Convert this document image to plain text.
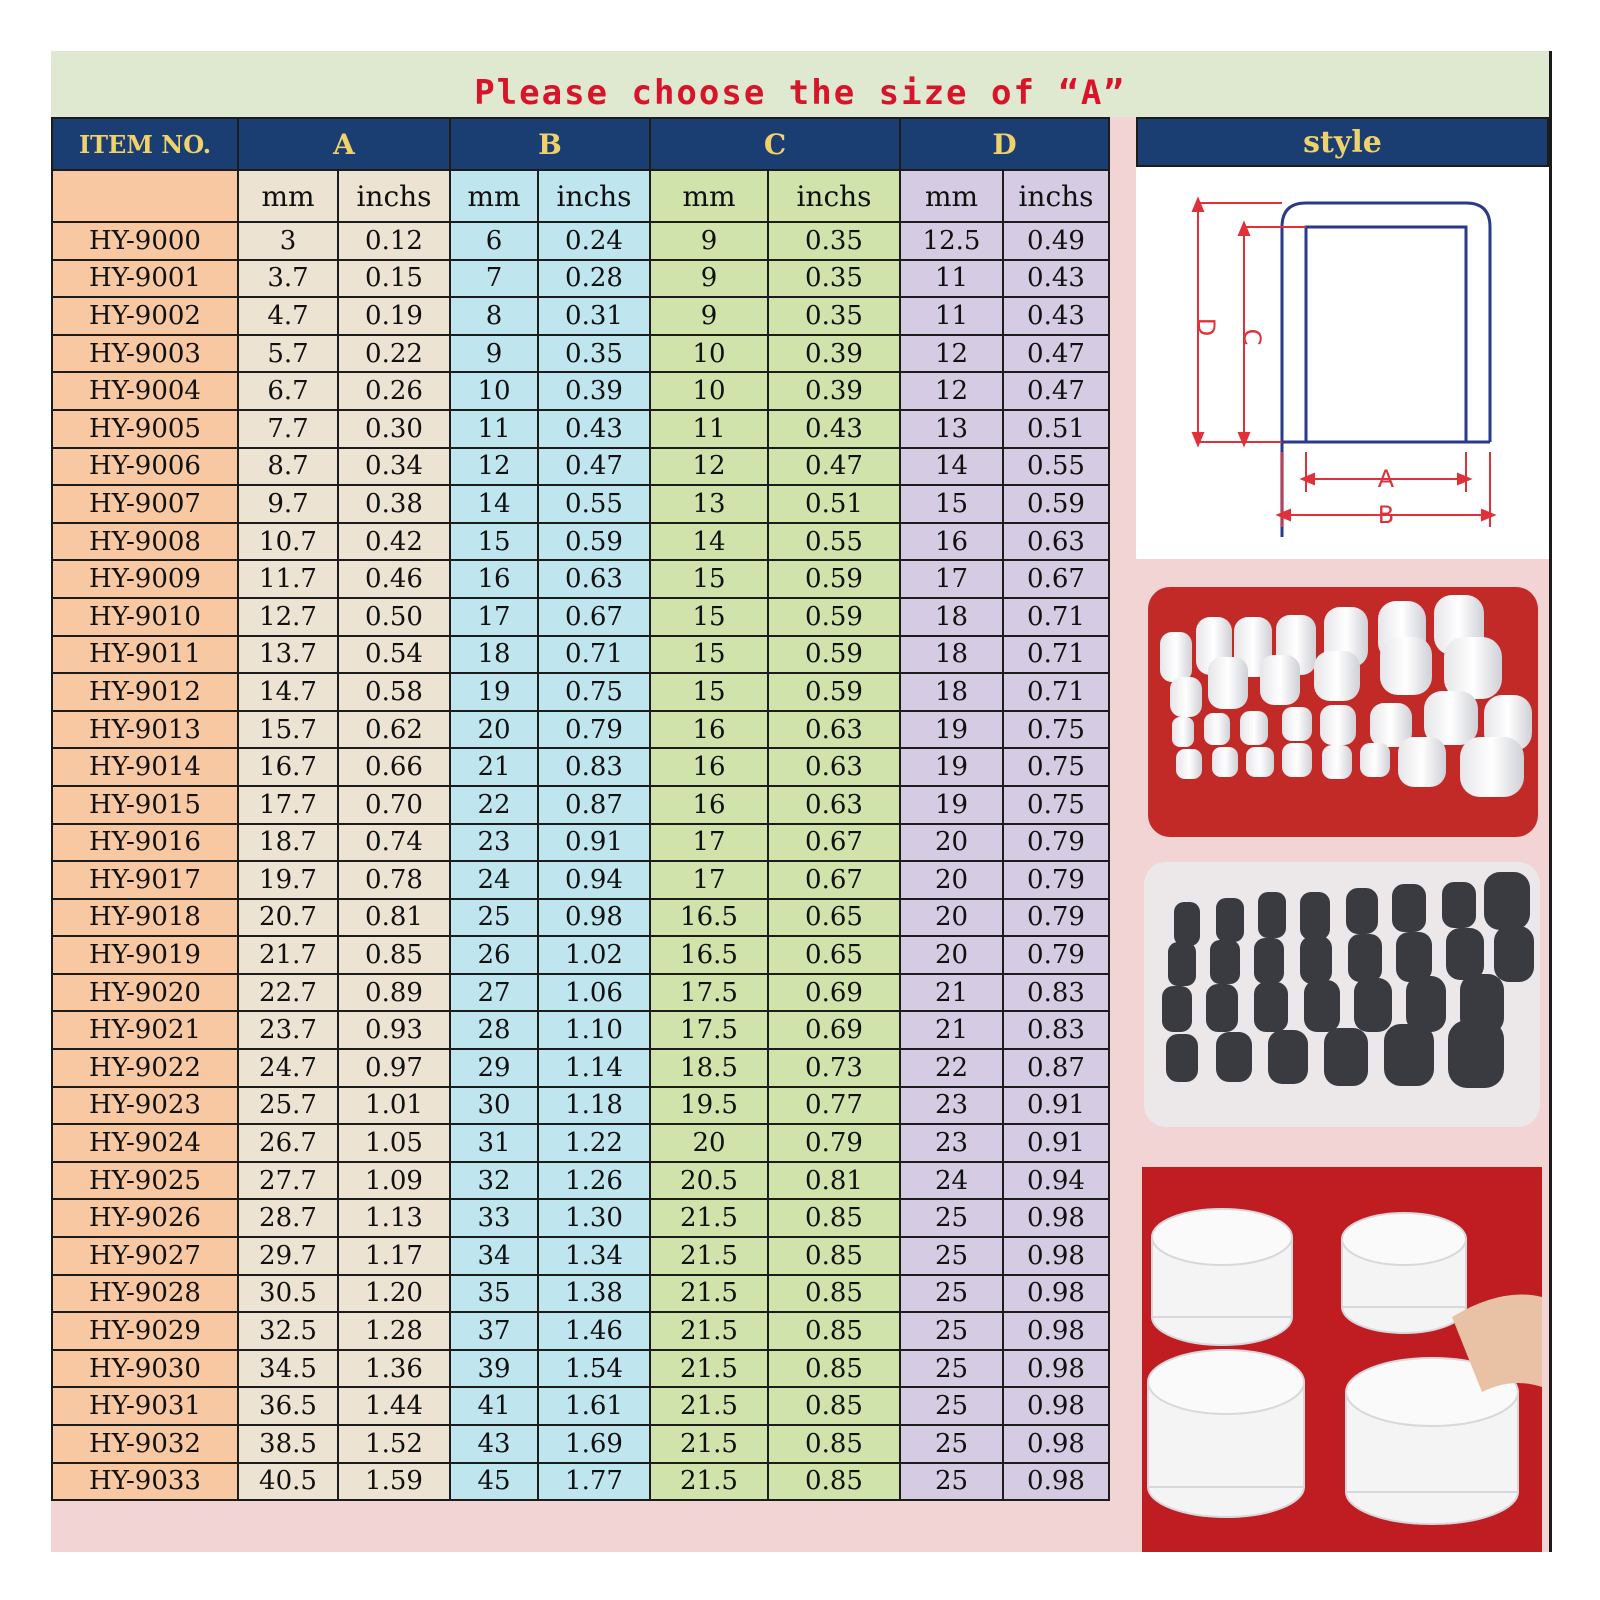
Please choose the size of “A”
ITEM NO.	A		B		C		D	
	mm	inchs	mm	inchs	mm	inchs	mm	inchs
HY-9000	3	0.12	6	0.24	9	0.35	12.5	0.49
HY-9001	3.7	0.15	7	0.28	9	0.35	11	0.43
HY-9002	4.7	0.19	8	0.31	9	0.35	11	0.43
HY-9003	5.7	0.22	9	0.35	10	0.39	12	0.47
HY-9004	6.7	0.26	10	0.39	10	0.39	12	0.47
HY-9005	7.7	0.30	11	0.43	11	0.43	13	0.51
HY-9006	8.7	0.34	12	0.47	12	0.47	14	0.55
HY-9007	9.7	0.38	14	0.55	13	0.51	15	0.59
HY-9008	10.7	0.42	15	0.59	14	0.55	16	0.63
HY-9009	11.7	0.46	16	0.63	15	0.59	17	0.67
HY-9010	12.7	0.50	17	0.67	15	0.59	18	0.71
HY-9011	13.7	0.54	18	0.71	15	0.59	18	0.71
HY-9012	14.7	0.58	19	0.75	15	0.59	18	0.71
HY-9013	15.7	0.62	20	0.79	16	0.63	19	0.75
HY-9014	16.7	0.66	21	0.83	16	0.63	19	0.75
HY-9015	17.7	0.70	22	0.87	16	0.63	19	0.75
HY-9016	18.7	0.74	23	0.91	17	0.67	20	0.79
HY-9017	19.7	0.78	24	0.94	17	0.67	20	0.79
HY-9018	20.7	0.81	25	0.98	16.5	0.65	20	0.79
HY-9019	21.7	0.85	26	1.02	16.5	0.65	20	0.79
HY-9020	22.7	0.89	27	1.06	17.5	0.69	21	0.83
HY-9021	23.7	0.93	28	1.10	17.5	0.69	21	0.83
HY-9022	24.7	0.97	29	1.14	18.5	0.73	22	0.87
HY-9023	25.7	1.01	30	1.18	19.5	0.77	23	0.91
HY-9024	26.7	1.05	31	1.22	20	0.79	23	0.91
HY-9025	27.7	1.09	32	1.26	20.5	0.81	24	0.94
HY-9026	28.7	1.13	33	1.30	21.5	0.85	25	0.98
HY-9027	29.7	1.17	34	1.34	21.5	0.85	25	0.98
HY-9028	30.5	1.20	35	1.38	21.5	0.85	25	0.98
HY-9029	32.5	1.28	37	1.46	21.5	0.85	25	0.98
HY-9030	34.5	1.36	39	1.54	21.5	0.85	25	0.98
HY-9031	36.5	1.44	41	1.61	21.5	0.85	25	0.98
HY-9032	38.5	1.52	43	1.69	21.5	0.85	25	0.98
HY-9033	40.5	1.59	45	1.77	21.5	0.85	25	0.98
style
D
C
A
B
